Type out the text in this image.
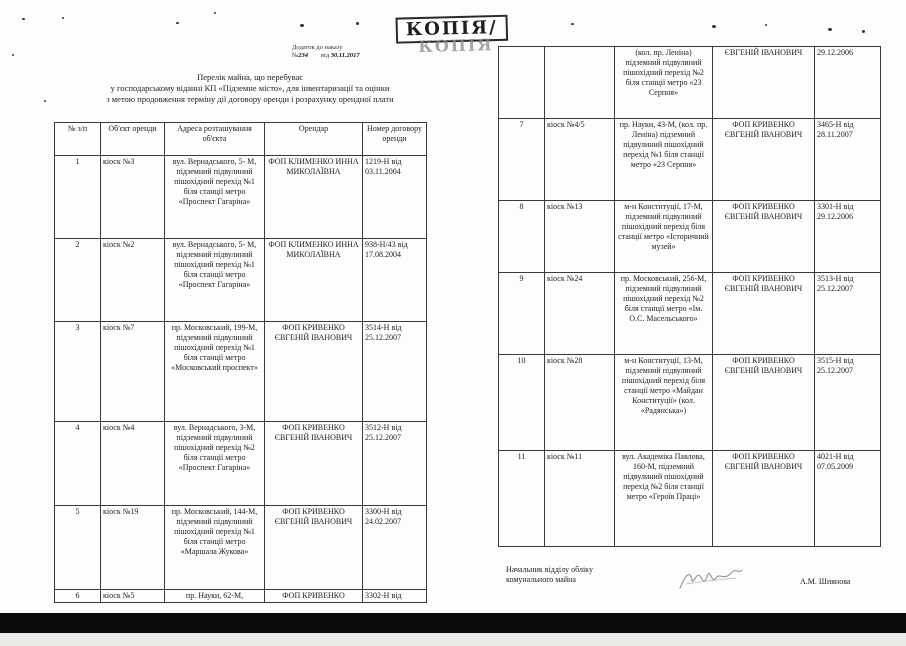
КОПІЯ/
КОПІЯ
Додаток до наказу
№234 від 30.11.2017
Перелік майна, що перебуває
у господарському віданні КП «Підземне місто», для інвентаризації та оцінки
з метою продовження терміну дії договору оренди і розрахунку орендної плати
№ з/п	Об'єкт оренди	Адреса розташування об'єкта	Орендар	Номер договору оренди
1	кіоск №3	вул. Вернадського, 5- М, підземний підвулиний пішохідний перехід №1 біля станції метро «Проспект Гагаріна»	ФОП КЛИМЕНКО ИННА МИКОЛАЇВНА	1219-Н від 03.11.2004
2	кіоск №2	вул. Вернадського, 5- М, підземний підвулиний пішохідний перехід №1 біля станції метро «Проспект Гагаріна»	ФОП КЛИМЕНКО ИННА МИКОЛАЇВНА	938-Н/43 від 17.08.2004
3	кіоск №7	пр. Московський, 199-М, підземний підвулиний пішохідний перехід №1 біля станції метро «Московський проспект»	ФОП КРИВЕНКО ЄВГЕНІЙ ІВАНОВИЧ	3514-Н від 25.12.2007
4	кіоск №4	вул. Вернадського, 3-М, підземний підвулиний пішохідний перехід №2 біля станції метро «Проспект Гагаріна»	ФОП КРИВЕНКО ЄВГЕНІЙ ІВАНОВИЧ	3512-Н від 25.12.2007
5	кіоск №19	пр. Московський, 144-М, підземний підвулиний пішохідний перехід №1 біля станції метро «Маршала Жукова»	ФОП КРИВЕНКО ЄВГЕНІЙ ІВАНОВИЧ	3300-Н від 24.02.2007
6	кіоск №5	пр. Науки, 62-М,	ФОП КРИВЕНКО	3302-Н від
		(кол. пр. Леніна) підземний підвулиний пішохідний перехід №2 біля станції метро «23 Серпня»	ЄВГЕНІЙ ІВАНОВИЧ	29.12.2006
7	кіоск №4/5	пр. Науки, 43-М, (кол. пр. Леніна) підземний підвулиний пішохідний перехід №1 біля станції метро «23 Серпня»	ФОП КРИВЕНКО ЄВГЕНІЙ ІВАНОВИЧ	3465-Н від 28.11.2007
8	кіоск №13	м-н Конституції, 17-М, підземний підвулиний пішохідний перехід біля станції метро «Історичний музей»	ФОП КРИВЕНКО ЄВГЕНІЙ ІВАНОВИЧ	3301-Н від 29.12.2006
9	кіоск №24	пр. Московський, 256-М, підземний підвулиний пішохідний перехід №2 біля станції метро «Ім. О.С. Масельського»	ФОП КРИВЕНКО ЄВГЕНІЙ ІВАНОВИЧ	3513-Н від 25.12.2007
10	кіоск №28	м-н Конституції, 13-М, підземний підвулиний пішохідний перехід біля станції метро «Майдан Конституції» (кол. «Радянська»)	ФОП КРИВЕНКО ЄВГЕНІЙ ІВАНОВИЧ	3515-Н від 25.12.2007
11	кіоск №11	вул. Академіка Павлова, 160-М, підземний підвулиний пішохідний перехід №2 біля станції метро «Героїв Праці»	ФОП КРИВЕНКО ЄВГЕНІЙ ІВАНОВИЧ	4021-Н від 07.05.2009
Начальник відділу обліку
комунального майна	А.М. Шиянова
